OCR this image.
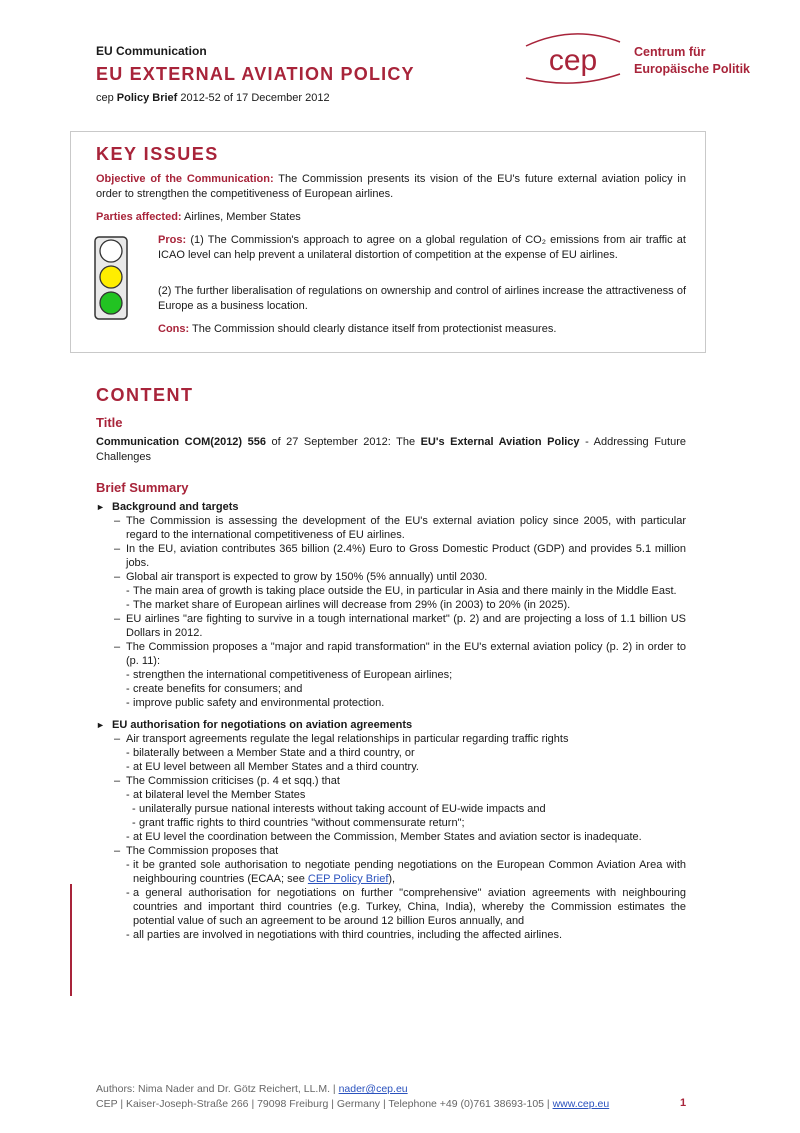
EU Communication
EU EXTERNAL AVIATION POLICY
cep Policy Brief 2012-52 of 17 December 2012
cep	Centrum für
Europäische Politik
KEY ISSUES
Objective of the Communication: The Commission presents its vision of the EU's future external aviation policy in order to strengthen the competitiveness of European airlines.
Parties affected: Airlines, Member States
Pros: (1) The Commission's approach to agree on a global regulation of CO₂ emissions from air traffic at ICAO level can help prevent a unilateral distortion of competition at the expense of EU airlines.
(2) The further liberalisation of regulations on ownership and control of airlines increase the attractiveness of Europe as a business location.
Cons: The Commission should clearly distance itself from protectionist measures.
CONTENT
Title
Communication COM(2012) 556 of 27 September 2012: The EU's External Aviation Policy - Addressing Future Challenges
Brief Summary
► Background and targets
– The Commission is assessing the development of the EU's external aviation policy since 2005, with particular regard to the international competitiveness of EU airlines.
– In the EU, aviation contributes 365 billion (2.4%) Euro to Gross Domestic Product (GDP) and provides 5.1 million jobs.
– Global air transport is expected to grow by 150% (5% annually) until 2030.
- The main area of growth is taking place outside the EU, in particular in Asia and there mainly in the Middle East.
- The market share of European airlines will decrease from 29% (in 2003) to 20% (in 2025).
– EU airlines "are fighting to survive in a tough international market" (p. 2) and are projecting a loss of 1.1 billion US Dollars in 2012.
– The Commission proposes a "major and rapid transformation" in the EU's external aviation policy (p. 2) in order to (p. 11):
- strengthen the international competitiveness of European airlines;
- create benefits for consumers; and
- improve public safety and environmental protection.
► EU authorisation for negotiations on aviation agreements
– Air transport agreements regulate the legal relationships in particular regarding traffic rights
- bilaterally between a Member State and a third country, or
- at EU level between all Member States and a third country.
– The Commission criticises (p. 4 et sqq.) that
- at bilateral level the Member States
- unilaterally pursue national interests without taking account of EU-wide impacts and
- grant traffic rights to third countries "without commensurate return";
- at EU level the coordination between the Commission, Member States and aviation sector is inadequate.
– The Commission proposes that
- it be granted sole authorisation to negotiate pending negotiations on the European Common Aviation Area with neighbouring countries (ECAA; see CEP Policy Brief),
- a general authorisation for negotiations on further "comprehensive" aviation agreements with neighbouring countries and important third countries (e.g. Turkey, China, India), whereby the Commission estimates the potential value of such an agreement to be around 12 billion Euros annually, and
- all parties are involved in negotiations with third countries, including the affected airlines.
Authors: Nima Nader and Dr. Götz Reichert, LL.M. | nader@cep.eu
CEP | Kaiser-Joseph-Straße 266 | 79098 Freiburg | Germany | Telephone +49 (0)761 38693-105 | www.cep.eu	1
